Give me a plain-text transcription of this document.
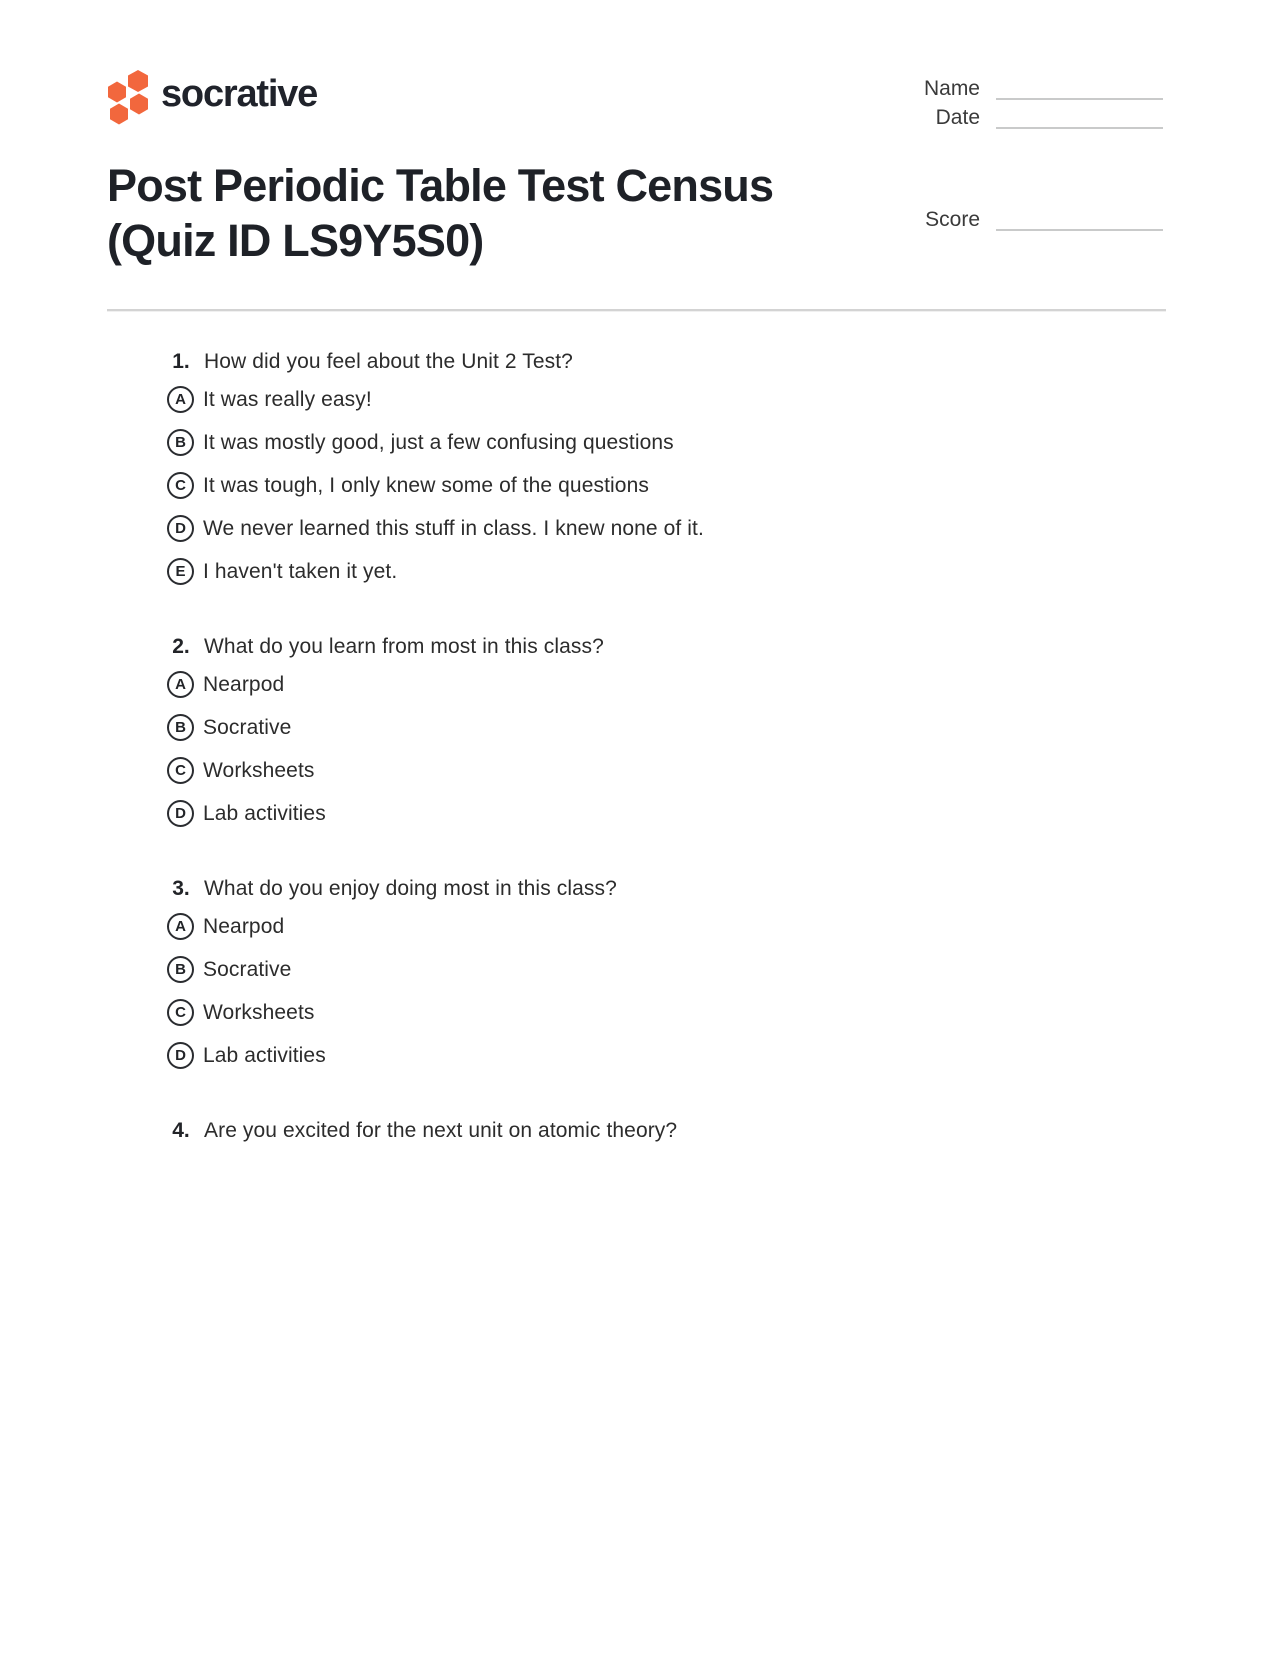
socrative	Name
Date
Score
Post Periodic Table Test Census
(Quiz ID LS9Y5S0)
1. How did you feel about the Unit 2 Test?
A It was really easy!
B It was mostly good, just a few confusing questions
C It was tough, I only knew some of the questions
D We never learned this stuff in class. I knew none of it.
E I haven't taken it yet.
2. What do you learn from most in this class?
A Nearpod
B Socrative
C Worksheets
D Lab activities
3. What do you enjoy doing most in this class?
A Nearpod
B Socrative
C Worksheets
D Lab activities
4. Are you excited for the next unit on atomic theory?
